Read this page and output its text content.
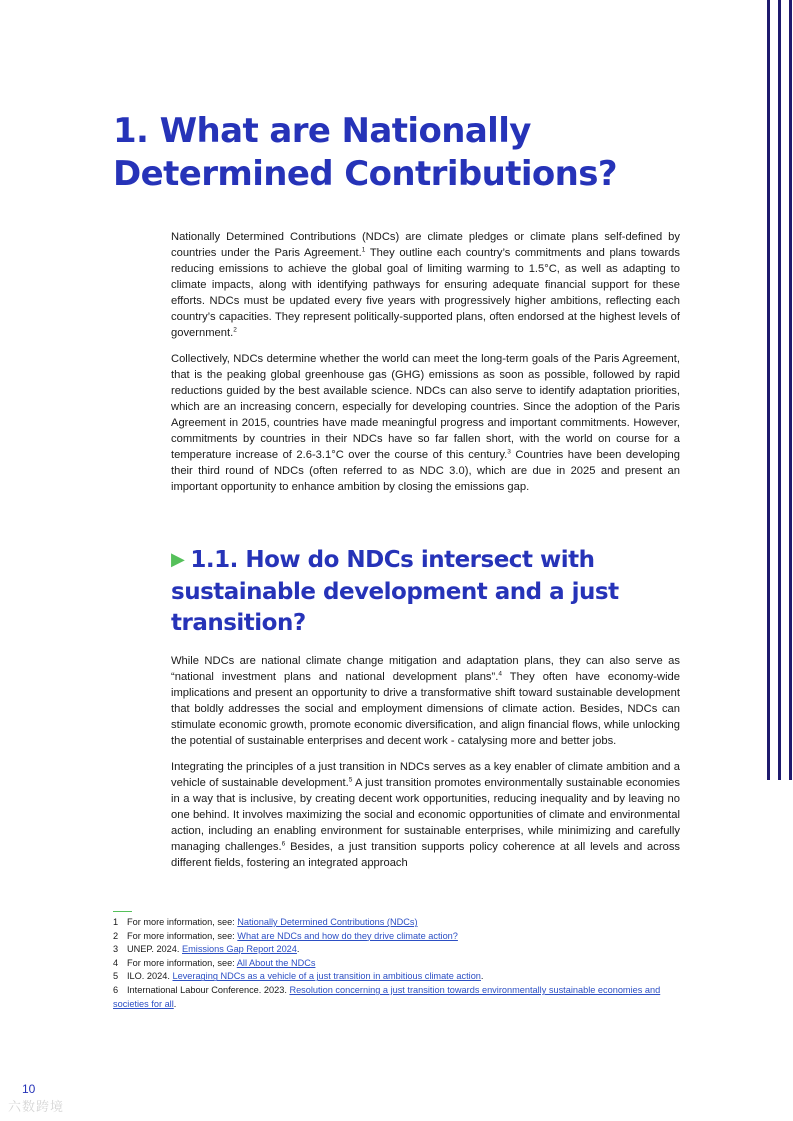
1. What are Nationally Determined Contributions?

Nationally Determined Contributions (NDCs) are climate pledges or climate plans self-defined by countries under the Paris Agreement.$^1$ They outline each country’s commitments and plans towards reducing emissions to achieve the global goal of limiting warming to 1.5°C, as well as adapting to climate impacts, along with identifying pathways for ensuring adequate financial support for these efforts. NDCs must be updated every five years with progressively higher ambitions, reflecting each country’s capacities. They represent politically-supported plans, often endorsed at the highest levels of government.$^2$

Collectively, NDCs determine whether the world can meet the long-term goals of the Paris Agreement, that is the peaking global greenhouse gas (GHG) emissions as soon as possible, followed by rapid reductions guided by the best available science. NDCs can also serve to identify adaptation priorities, which are an increasing concern, especially for developing countries. Since the adoption of the Paris Agreement in 2015, countries have made meaningful progress and important commitments. However, commitments by countries in their NDCs have so far fallen short, with the world on course for a temperature increase of 2.6-3.1°C over the course of this century.$^3$ Countries have been developing their third round of NDCs (often referred to as NDC 3.0), which are due in 2025 and present an important opportunity to enhance ambition by closing the emissions gap.

▶ 1.1. How do NDCs intersect with sustainable development and a just transition?

While NDCs are national climate change mitigation and adaptation plans, they can also serve as “national investment plans and national development plans”.$^4$ They often have economy-wide implications and present an opportunity to drive a transformative shift toward sustainable development that boldly addresses the social and employment dimensions of climate action. Besides, NDCs can stimulate economic growth, promote economic diversification, and align financial flows, while unlocking the potential of sustainable enterprises and decent work - catalysing more and better jobs.

Integrating the principles of a just transition in NDCs serves as a key enabler of climate ambition and a vehicle of sustainable development.$^5$ A just transition promotes environmentally sustainable economies in a way that is inclusive, by creating decent work opportunities, reducing inequality and by leaving no one behind. It involves maximizing the social and economic opportunities of climate and environmental action, including an enabling environment for sustainable enterprises, while minimizing and carefully managing challenges.$^6$ Besides, a just transition supports policy coherence at all levels and across different fields, fostering an integrated approach

1 For more information, see: Nationally Determined Contributions (NDCs)

2 For more information, see: What are NDCs and how do they drive climate action?

3 UNEP. 2024. Emissions Gap Report 2024.

4 For more information, see: All About the NDCs

5 ILO. 2024. Leveraging NDCs as a vehicle of a just transition in ambitious climate action.

6 International Labour Conference. 2023. Resolution concerning a just transition towards environmentally sustainable economies and societies for all.

10
六数跨境
